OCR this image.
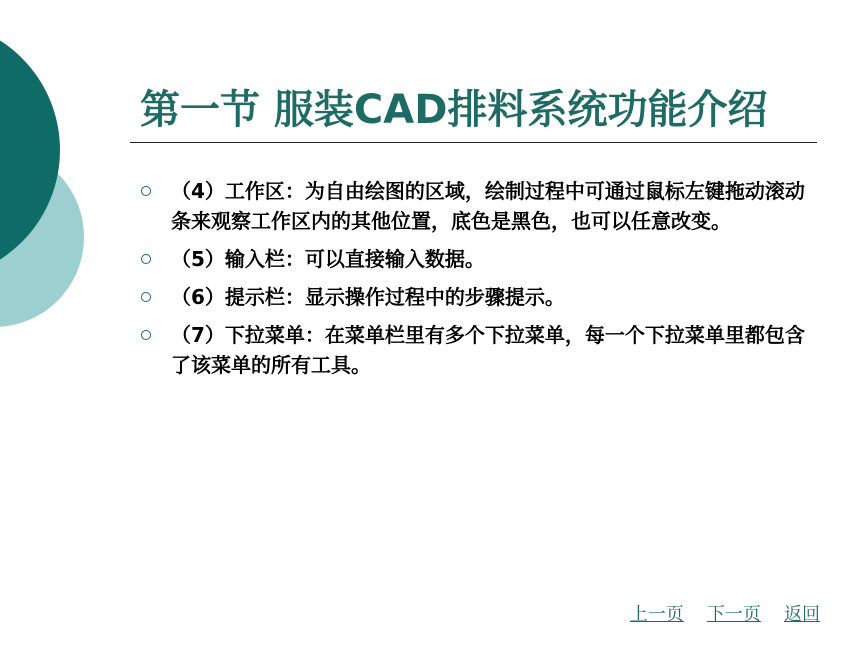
第一节 服装CAD排料系统功能介绍
（4）工作区：为自由绘图的区域，绘制过程中可通过鼠标左键拖动滚动条来观察工作区内的其他位置，底色是黑色，也可以任意改变。
（5）输入栏：可以直接输入数据。
（6）提示栏：显示操作过程中的步骤提示。
（7）下拉菜单：在菜单栏里有多个下拉菜单，每一个下拉菜单里都包含了该菜单的所有工具。
上一页 下一页 返回
